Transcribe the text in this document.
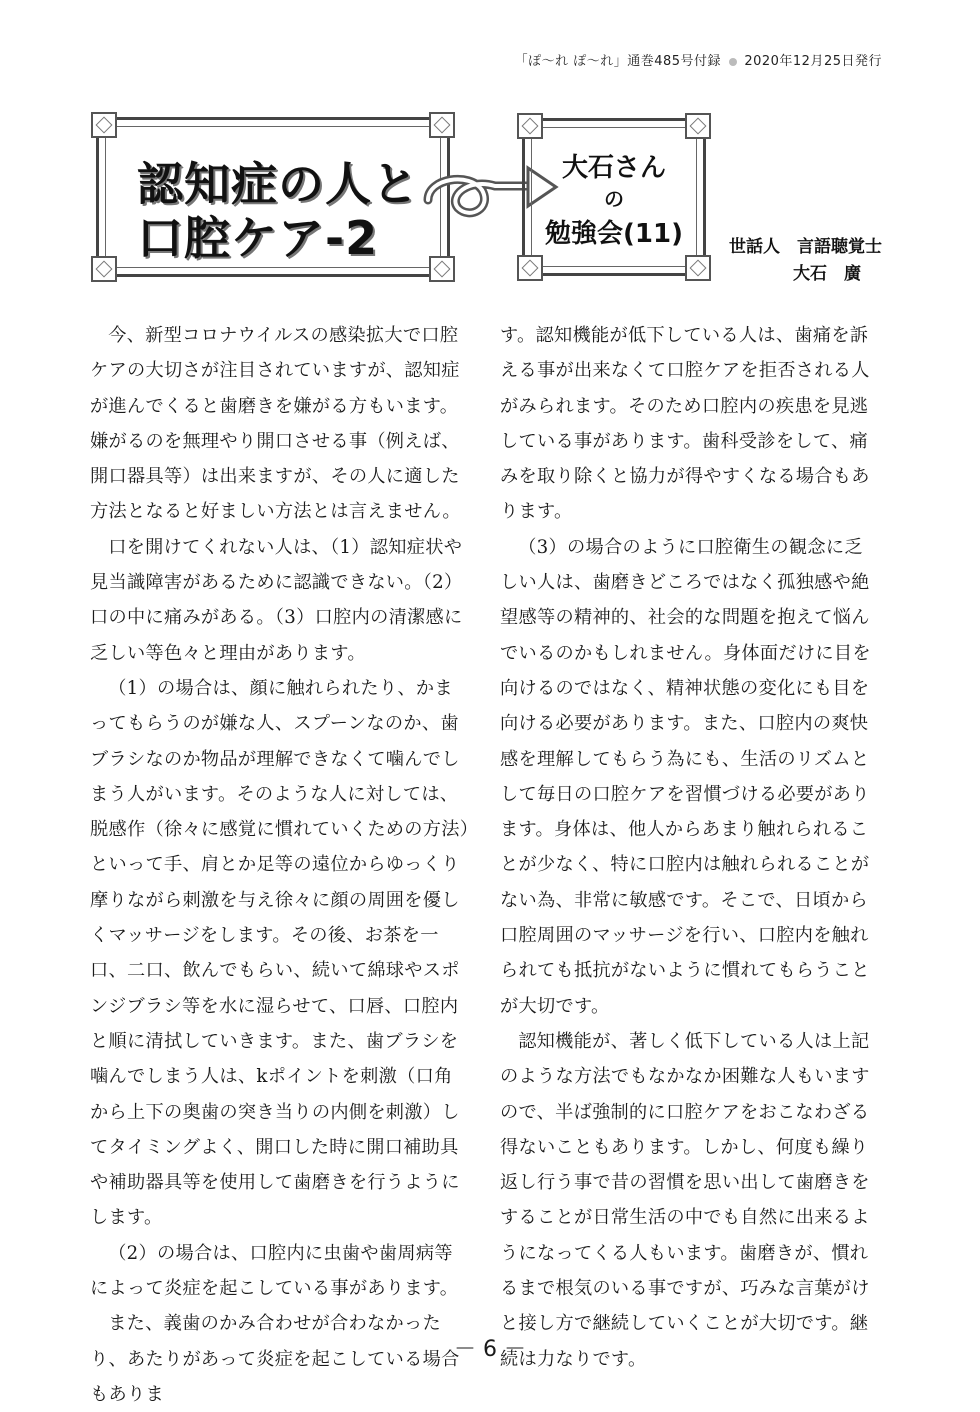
「ぽ〜れ ぽ〜れ」通巻485号付録 2020年12月25日発行
認知症の人と
口腔ケア-2
大石さん
の
勉強会(11)	世話人　言語聴覚士
大石　廣

今、新型コロナウイルスの感染拡大で口腔ケアの大切さが注目されていますが、認知症が進んでくると歯磨きを嫌がる方もいます。嫌がるのを無理やり開口させる事（例えば、開口器具等）は出来ますが、その人に適した方法となると好ましい方法とは言えません。

口を開けてくれない人は、（1）認知症状や見当識障害があるために認識できない。（2）口の中に痛みがある。（3）口腔内の清潔感に乏しい等色々と理由があります。

（1）の場合は、顔に触れられたり、かまってもらうのが嫌な人、スプーンなのか、歯ブラシなのか物品が理解できなくて噛んでしまう人がいます。そのような人に対しては、脱感作（徐々に感覚に慣れていくための方法）といって手、肩とか足等の遠位からゆっくり摩りながら刺激を与え徐々に顔の周囲を優しくマッサージをします。その後、お茶を一口、二口、飲んでもらい、続いて綿球やスポンジブラシ等を水に湿らせて、口唇、口腔内と順に清拭していきます。また、歯ブラシを噛んでしまう人は、kポイントを刺激（口角から上下の奥歯の突き当りの内側を刺激）してタイミングよく、開口した時に開口補助具や補助器具等を使用して歯磨きを行うようにします。

（2）の場合は、口腔内に虫歯や歯周病等によって炎症を起こしている事があります。

また、義歯のかみ合わせが合わなかったり、あたりがあって炎症を起こしている場合もありま

す。認知機能が低下している人は、歯痛を訴える事が出来なくて口腔ケアを拒否される人がみられます。そのため口腔内の疾患を見逃している事があります。歯科受診をして、痛みを取り除くと協力が得やすくなる場合もあります。

（3）の場合のように口腔衛生の観念に乏しい人は、歯磨きどころではなく孤独感や絶望感等の精神的、社会的な問題を抱えて悩んでいるのかもしれません。身体面だけに目を向けるのではなく、精神状態の変化にも目を向ける必要があります。また、口腔内の爽快感を理解してもらう為にも、生活のリズムとして毎日の口腔ケアを習慣づける必要があります。身体は、他人からあまり触れられることが少なく、特に口腔内は触れられることがない為、非常に敏感です。そこで、日頃から口腔周囲のマッサージを行い、口腔内を触れられても抵抗がないように慣れてもらうことが大切です。

認知機能が、著しく低下している人は上記のような方法でもなかなか困難な人もいますので、半ば強制的に口腔ケアをおこなわざる得ないこともあります。しかし、何度も繰り返し行う事で昔の習慣を思い出して歯磨きをすることが日常生活の中でも自然に出来るようになってくる人もいます。歯磨きが、慣れるまで根気のいる事ですが、巧みな言葉がけと接し方で継続していくことが大切です。継続は力なりです。

－ 6 －
